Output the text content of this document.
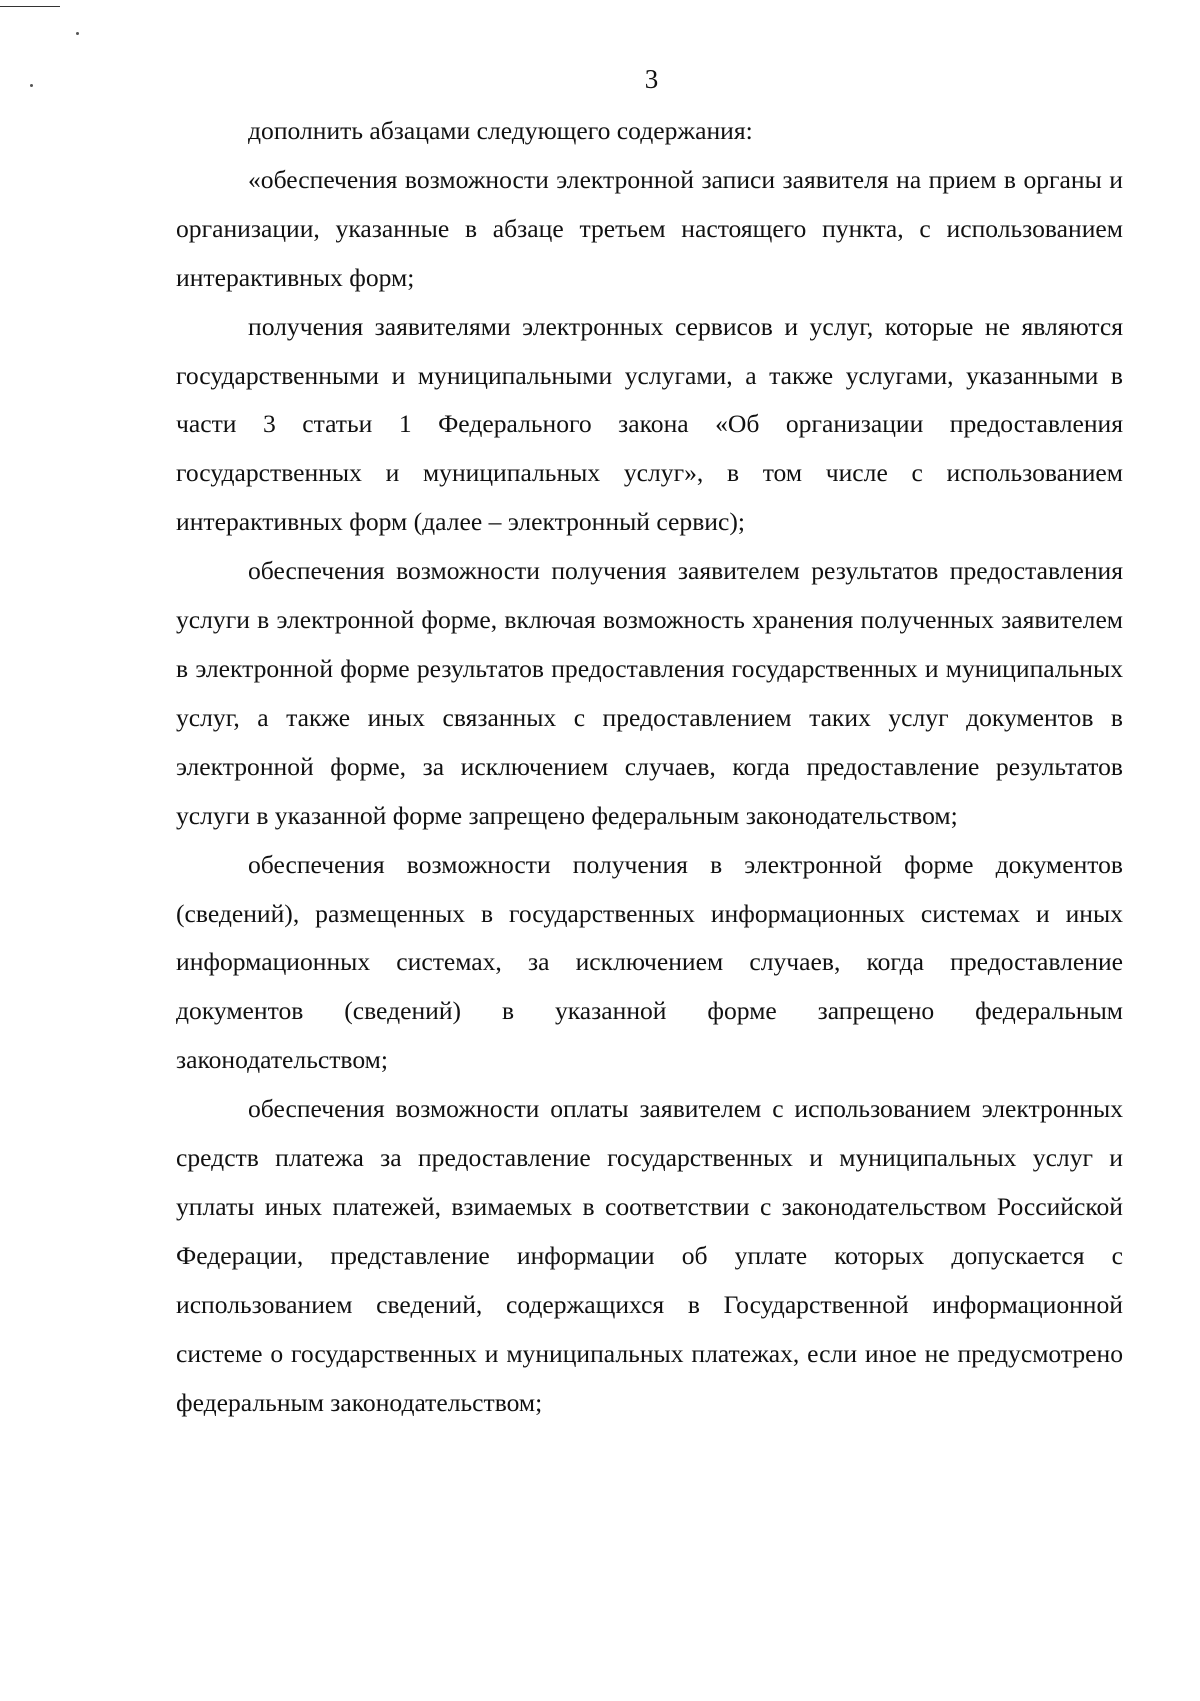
3

дополнить абзацами следующего содержания:

«обеспечения возможности электронной записи заявителя на прием в органы и организации, указанные в абзаце третьем настоящего пункта, с использованием интерактивных форм;

получения заявителями электронных сервисов и услуг, которые не являются государственными и муниципальными услугами, а также услугами, указанными в части 3 статьи 1 Федерального закона «Об организации предоставления государственных и муниципальных услуг», в том числе с использованием интерактивных форм (далее – электронный сервис);

обеспечения возможности получения заявителем результатов предоставления услуги в электронной форме, включая возможность хранения полученных заявителем в электронной форме результатов предоставления государственных и муниципальных услуг, а также иных связанных с предоставлением таких услуг документов в электронной форме, за исключением случаев, когда предоставление результатов услуги в указанной форме запрещено федеральным законодательством;

обеспечения возможности получения в электронной форме документов (сведений), размещенных в государственных информационных системах и иных информационных системах, за исключением случаев, когда предоставление документов (сведений) в указанной форме запрещено федеральным законодательством;

обеспечения возможности оплаты заявителем с использованием электронных средств платежа за предоставление государственных и муниципальных услуг и уплаты иных платежей, взимаемых в соответствии с законодательством Российской Федерации, представление информации об уплате которых допускается с использованием сведений, содержащихся в Государственной информационной системе о государственных и муниципальных платежах, если иное не предусмотрено федеральным законодательством;
